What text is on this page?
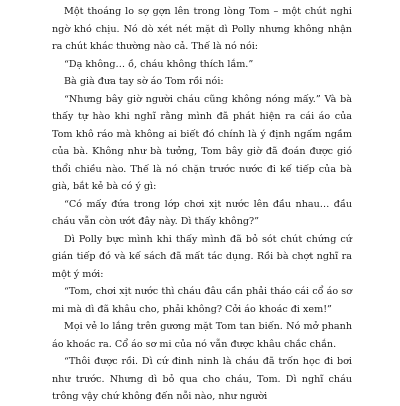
Một thoáng lo sợ gợn lên trong lòng Tom – một chút nghi ngờ khó chịu. Nó dò xét nét mặt dì Polly nhưng không nhận ra chút khác thường nào cả. Thế là nó nói:

“Dạ không… ồ, cháu không thích lắm.”

Bà già đưa tay sờ áo Tom rồi nói:

“Nhưng bây giờ người cháu cũng không nóng mấy.” Và bà thấy tự hào khi nghĩ rằng mình đã phát hiện ra cái áo của Tom khô ráo mà không ai biết đó chính là ý định ngấm ngầm của bà. Không như bà tưởng, Tom bây giờ đã đoán được gió thổi chiều nào. Thế là nó chặn trước nước đi kế tiếp của bà già, bắt kẻ bà có ý gì:

“Có mấy đứa trong lớp chơi xịt nước lên đầu nhau… đầu cháu vẫn còn ướt đây này. Dì thấy không?”

Dì Polly bực mình khi thấy mình đã bỏ sót chút chứng cứ gián tiếp đó và kế sách đã mất tác dụng. Rồi bà chợt nghĩ ra một ý mới:

“Tom, chơi xịt nước thì cháu đâu cần phải tháo cái cổ áo sơ mi mà dì đã khâu cho, phải không? Cởi áo khoác đi xem!”

Mọi vẻ lo lắng trên gương mặt Tom tan biến. Nó mở phanh áo khoác ra. Cổ áo sơ mi của nó vẫn được khâu chắc chắn.

“Thôi được rồi. Dì cứ đinh ninh là cháu đã trốn học đi bơi như trước. Nhưng dì bỏ qua cho cháu, Tom. Dì nghĩ cháu trông vậy chứ không đến nỗi nào, như người
